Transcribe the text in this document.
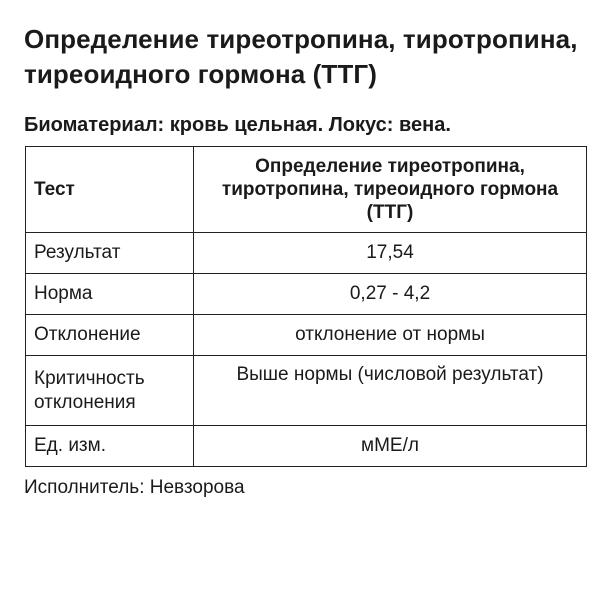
Определение тиреотропина, тиротропина, тиреоидного гормона (ТТГ)
Биоматериал: кровь цельная. Локус: вена.
Тест	Определение тиреотропина, тиротропина, тиреоидного гормона (ТТГ)
Результат	17,54
Норма	0,27 - 4,2
Отклонение	отклонение от нормы
Критичность отклонения	Выше нормы (числовой результат)
Ед. изм.	мМЕ/л
Исполнитель: Невзорова
